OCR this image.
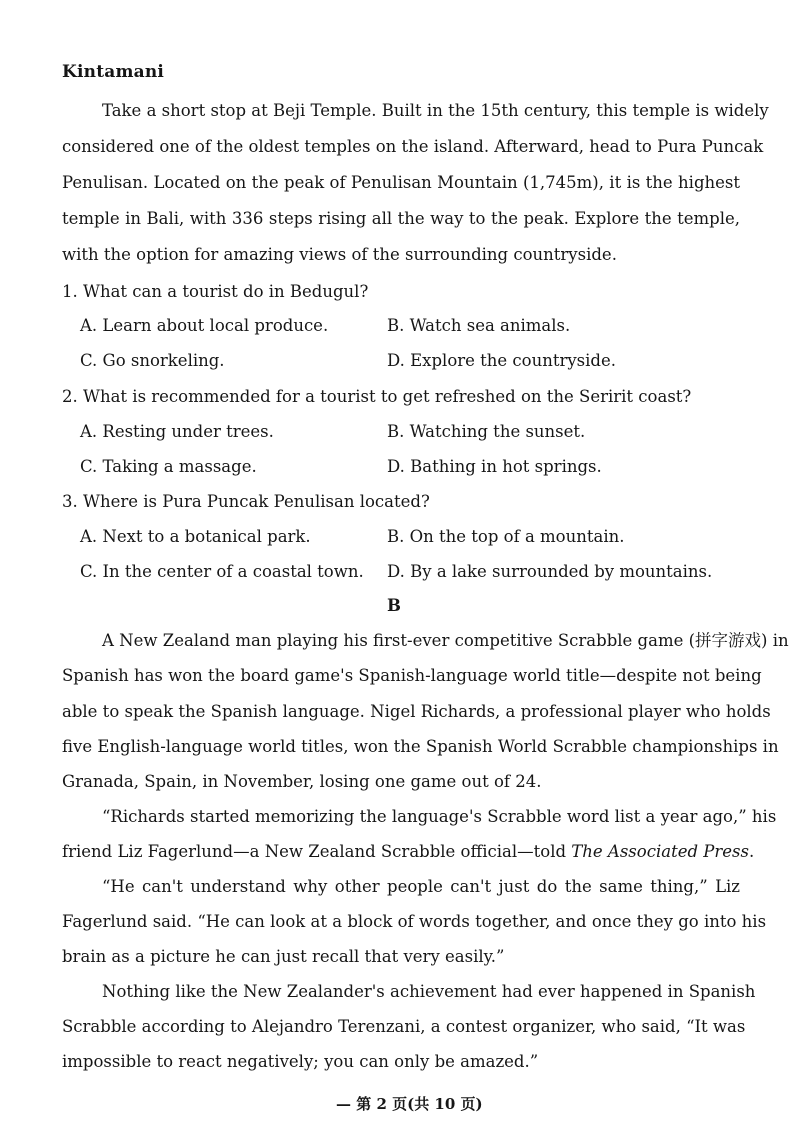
Kintamani
Take a short stop at Beji Temple. Built in the 15th century, this temple is widely
considered one of the oldest temples on the island. Afterward, head to Pura Puncak
Penulisan. Located on the peak of Penulisan Mountain (1,745m), it is the highest
temple in Bali, with 336 steps rising all the way to the peak. Explore the temple,
with the option for amazing views of the surrounding countryside.
1. What can a tourist do in Bedugul?
A. Learn about local produce.	B. Watch sea animals.
C. Go snorkeling.	D. Explore the countryside.
2. What is recommended for a tourist to get refreshed on the Seririt coast?
A. Resting under trees.	B. Watching the sunset.
C. Taking a massage.	D. Bathing in hot springs.
3. Where is Pura Puncak Penulisan located?
A. Next to a botanical park.	B. On the top of a mountain.
C. In the center of a coastal town. D. By a lake surrounded by mountains.
B
A New Zealand man playing his first-ever competitive Scrabble game (拼字游戏) in
Spanish has won the board game's Spanish-language world title—despite not being
able to speak the Spanish language. Nigel Richards, a professional player who holds
five English-language world titles, won the Spanish World Scrabble championships in
Granada, Spain, in November, losing one game out of 24.
“Richards started memorizing the language's Scrabble word list a year ago,” his
friend Liz Fagerlund—a New Zealand Scrabble official—told The Associated Press.
“He can't understand why other people can't just do the same thing,” Liz
Fagerlund said. “He can look at a block of words together, and once they go into his
brain as a picture he can just recall that very easily.”
Nothing like the New Zealander's achievement had ever happened in Spanish
Scrabble according to Alejandro Terenzani, a contest organizer, who said, “It was
impossible to react negatively; you can only be amazed.”
— 第 2 页(共 10 页)
